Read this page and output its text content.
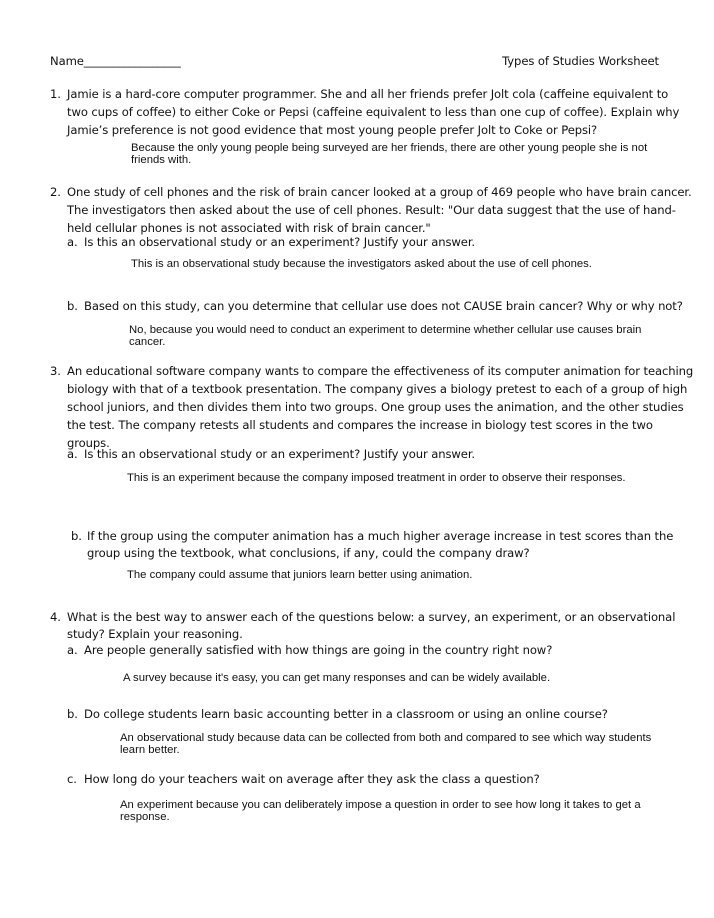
Name_________________	Types of Studies Worksheet
1. Jamie is a hard-core computer programmer. She and all her friends prefer Jolt cola (caffeine equivalent to
two cups of coffee) to either Coke or Pepsi (caffeine equivalent to less than one cup of coffee). Explain why
Jamie’s preference is not good evidence that most young people prefer Jolt to Coke or Pepsi?
Because the only young people being surveyed are her friends, there are other young people she is not
friends with.
2. One study of cell phones and the risk of brain cancer looked at a group of 469 people who have brain cancer.
The investigators then asked about the use of cell phones. Result: "Our data suggest that the use of hand-
held cellular phones is not associated with risk of brain cancer."
a. Is this an observational study or an experiment? Justify your answer.
This is an observational study because the investigators asked about the use of cell phones.
b. Based on this study, can you determine that cellular use does not CAUSE brain cancer? Why or why not?
No, because you would need to conduct an experiment to determine whether cellular use causes brain
cancer.
3. An educational software company wants to compare the effectiveness of its computer animation for teaching
biology with that of a textbook presentation. The company gives a biology pretest to each of a group of high
school juniors, and then divides them into two groups. One group uses the animation, and the other studies
the test. The company retests all students and compares the increase in biology test scores in the two
groups.
a. Is this an observational study or an experiment? Justify your answer.
This is an experiment because the company imposed treatment in order to observe their responses.
b. If the group using the computer animation has a much higher average increase in test scores than the
group using the textbook, what conclusions, if any, could the company draw?
The company could assume that juniors learn better using animation.
4. What is the best way to answer each of the questions below: a survey, an experiment, or an observational
study? Explain your reasoning.
a. Are people generally satisfied with how things are going in the country right now?
A survey because it's easy, you can get many responses and can be widely available.
b. Do college students learn basic accounting better in a classroom or using an online course?
An observational study because data can be collected from both and compared to see which way students
learn better.
c. How long do your teachers wait on average after they ask the class a question?
An experiment because you can deliberately impose a question in order to see how long it takes to get a
response.
